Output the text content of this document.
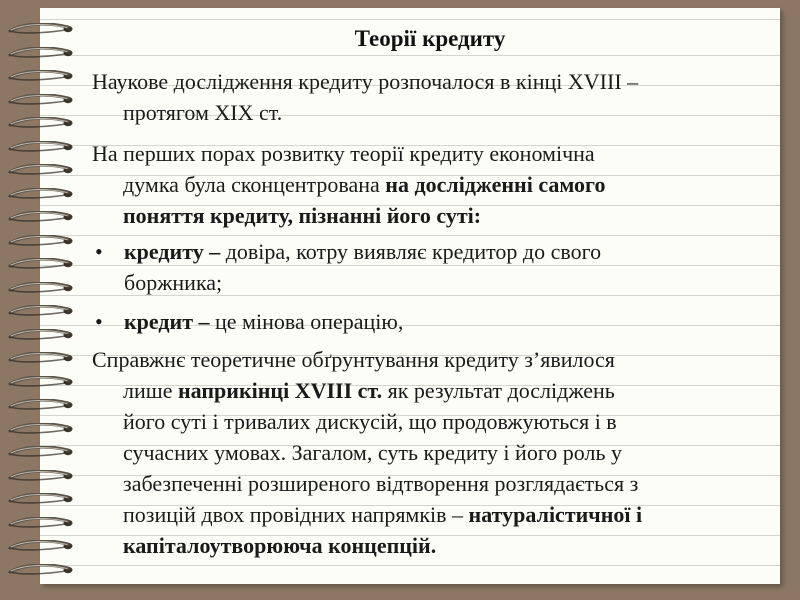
Теорії кредиту
Наукове дослідження кредиту розпочалося в кінці XVIII –
протягом XIX ст.
На перших порах розвитку теорії кредиту економічна
думка була сконцентрована на дослідженні самого
поняття кредиту, пізнанні його суті:
• кредиту – довіра, котру виявляє кредитор до свого
боржника;
• кредит – це мінова операцію,
Справжнє теоретичне обґрунтування кредиту з’явилося
лише наприкінці XVIII ст. як результат досліджень
його суті і тривалих дискусій, що продовжуються і в
сучасних умовах. Загалом, суть кредиту і його роль у
забезпеченні розширеного відтворення розглядається з
позицій двох провідних напрямків – натуралістичної і
капіталоутворююча концепцій.
